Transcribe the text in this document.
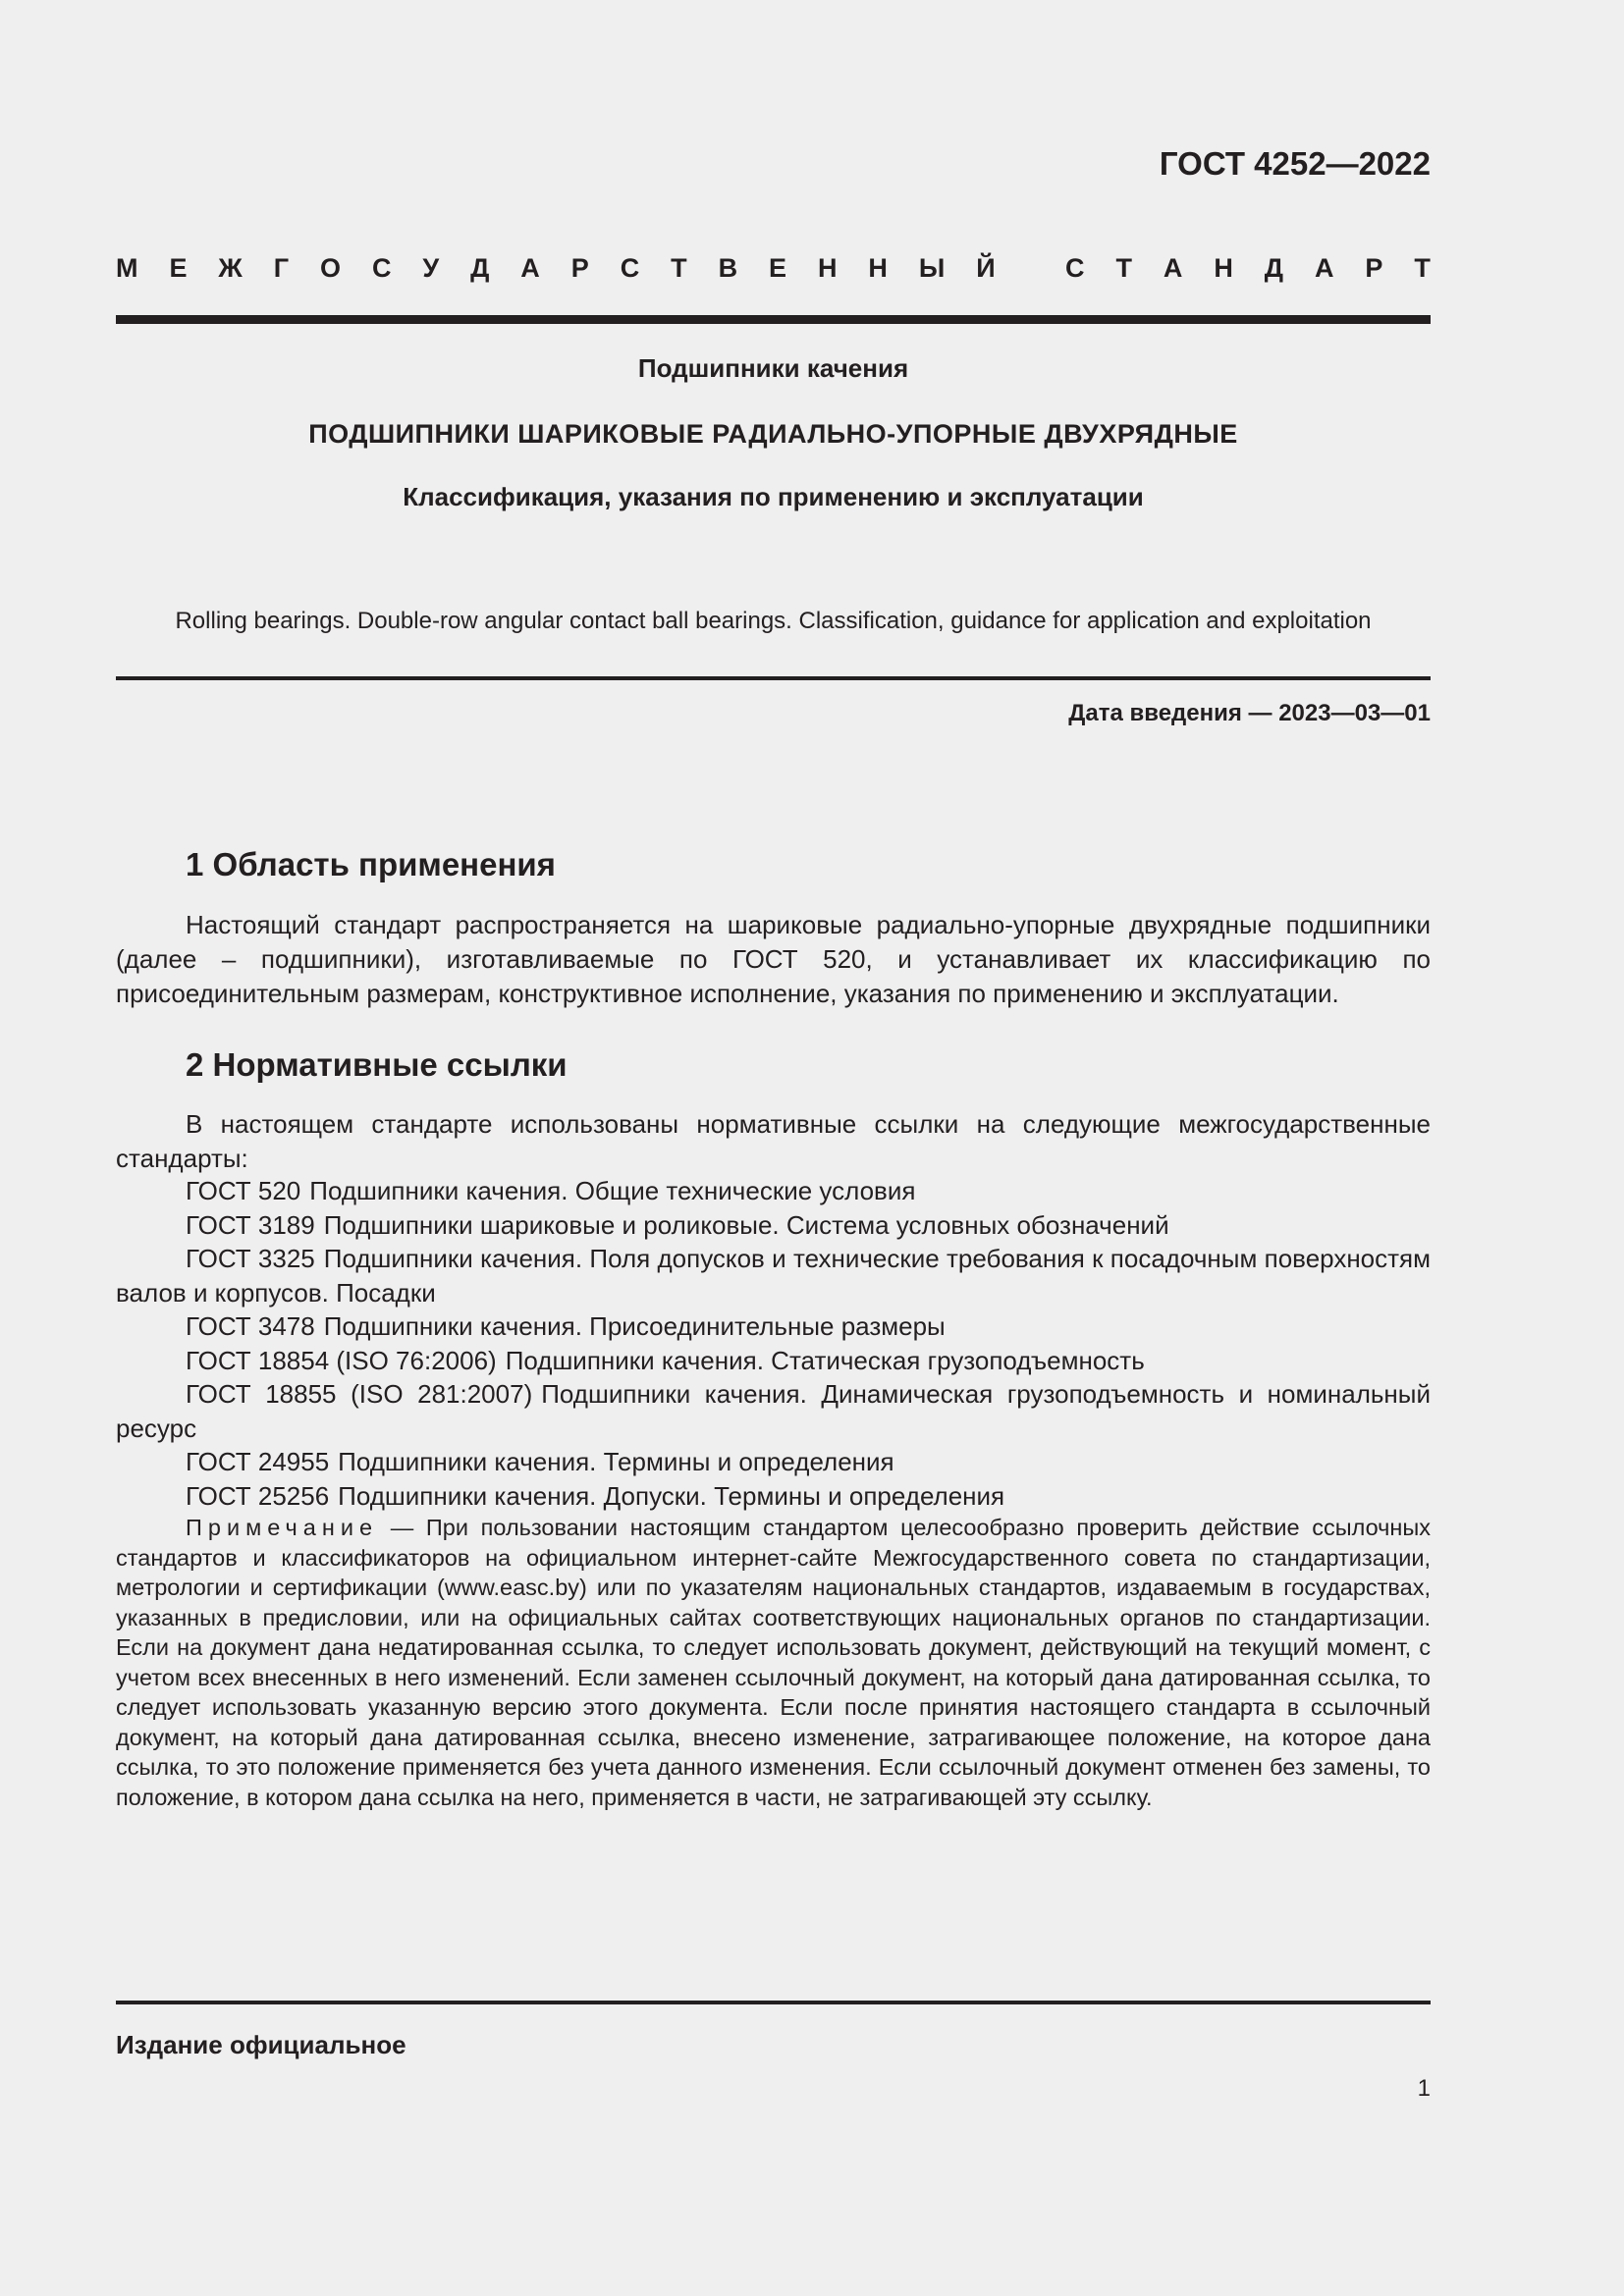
ГОСТ 4252—2022
М Е Ж Г О С У Д А Р С Т В Е Н Н Ы Й
	С Т А Н Д А Р Т
Подшипники качения
ПОДШИПНИКИ ШАРИКОВЫЕ РАДИАЛЬНО-УПОРНЫЕ ДВУХРЯДНЫЕ
Классификация, указания по применению и эксплуатации
Rolling bearings. Double-row angular contact ball bearings. Classification, guidance for application and exploitation
Дата введения — 2023—03—01
1 Область применения

Настоящий стандарт распространяется на шариковые радиально-упорные двухрядные подшипники (далее – подшипники), изготавливаемые по ГОСТ 520, и устанавливает их классификацию по присоединительным размерам, конструктивное исполнение, указания по применению и эксплуатации.

2 Нормативные ссылки

В настоящем стандарте использованы нормативные ссылки на следующие межгосударственные стандарты:

ГОСТ 520 Подшипники качения. Общие технические условия
ГОСТ 3189 Подшипники шариковые и роликовые. Система условных обозначений
ГОСТ 3325 Подшипники качения. Поля допусков и технические требования к посадочным поверхностям валов и корпусов. Посадки
ГОСТ 3478 Подшипники качения. Присоединительные размеры
ГОСТ 18854 (ISO 76:2006) Подшипники качения. Статическая грузоподъемность
ГОСТ 18855 (ISO 281:2007) Подшипники качения. Динамическая грузоподъемность и номинальный ресурс
ГОСТ 24955 Подшипники качения. Термины и определения
ГОСТ 25256 Подшипники качения. Допуски. Термины и определения

Примечание — При пользовании настоящим стандартом целесообразно проверить действие ссылочных стандартов и классификаторов на официальном интернет-сайте Межгосударственного совета по стандартизации, метрологии и сертификации (www.easc.by) или по указателям национальных стандартов, издаваемым в государствах, указанных в предисловии, или на официальных сайтах соответствующих национальных органов по стандартизации. Если на документ дана недатированная ссылка, то следует использовать документ, действующий на текущий момент, с учетом всех внесенных в него изменений. Если заменен ссылочный документ, на который дана датированная ссылка, то следует использовать указанную версию этого документа. Если после принятия настоящего стандарта в ссылочный документ, на который дана датированная ссылка, внесено изменение, затрагивающее положение, на которое дана ссылка, то это положение применяется без учета данного изменения. Если ссылочный документ отменен без замены, то положение, в котором дана ссылка на него, применяется в части, не затрагивающей эту ссылку.

Издание официальное
1
